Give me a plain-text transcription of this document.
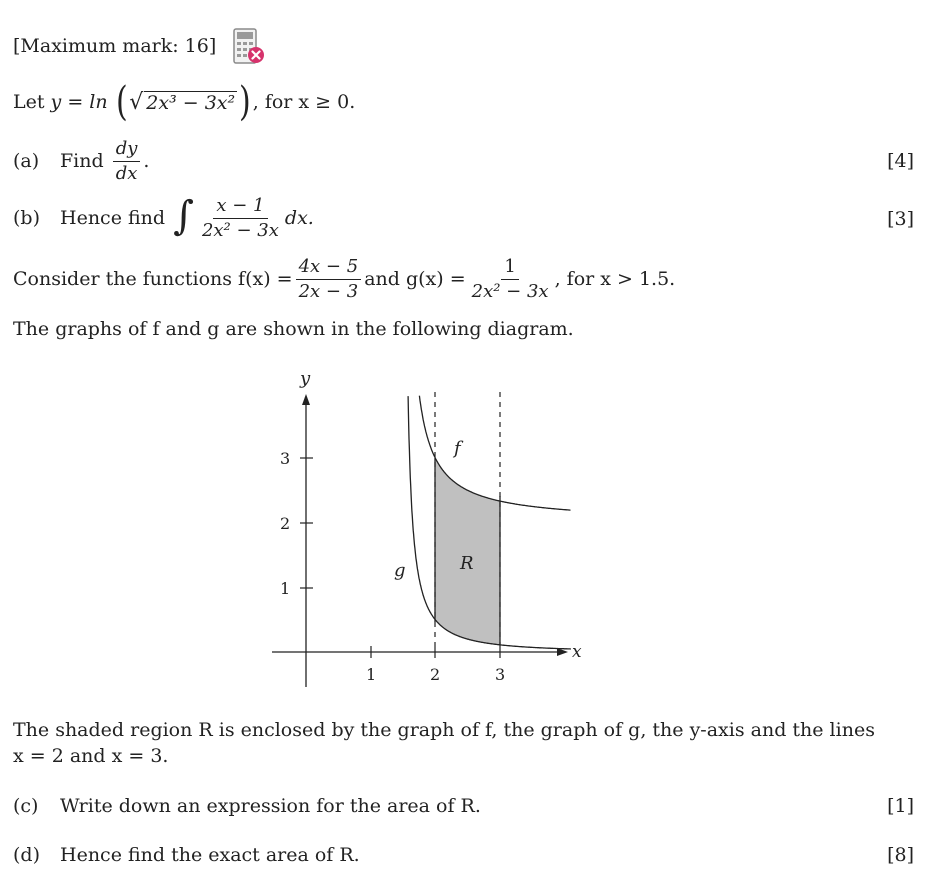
[Maximum mark: 16]
Let
y = ln
( √ 2x³ − 3x² ) , for x ≥ 0.
(a)	Find
$\frac{dy}{dx}$ .	[4]
(b)	Hence find
∫ $\frac{x - 1}{\text{2x² − 3x}}$ dx.	[3]
Consider the functions $f(x) = \frac{4x - 5}{2x - 3}$ and $g(x) = \frac{1}{\text{2x² − 3x}}$ , for x > 1.5.
The graphs of f and g are shown in the following diagram.
y
x
1	2	3
1
2
3	f
g	R
The shaded region R is enclosed by the graph of f, the graph of g, the y-axis and the lines
x = 2 and x = 3.
(c) Write down an expression for the area of R.	[1]
(d) Hence find the exact area of R.	[8]
